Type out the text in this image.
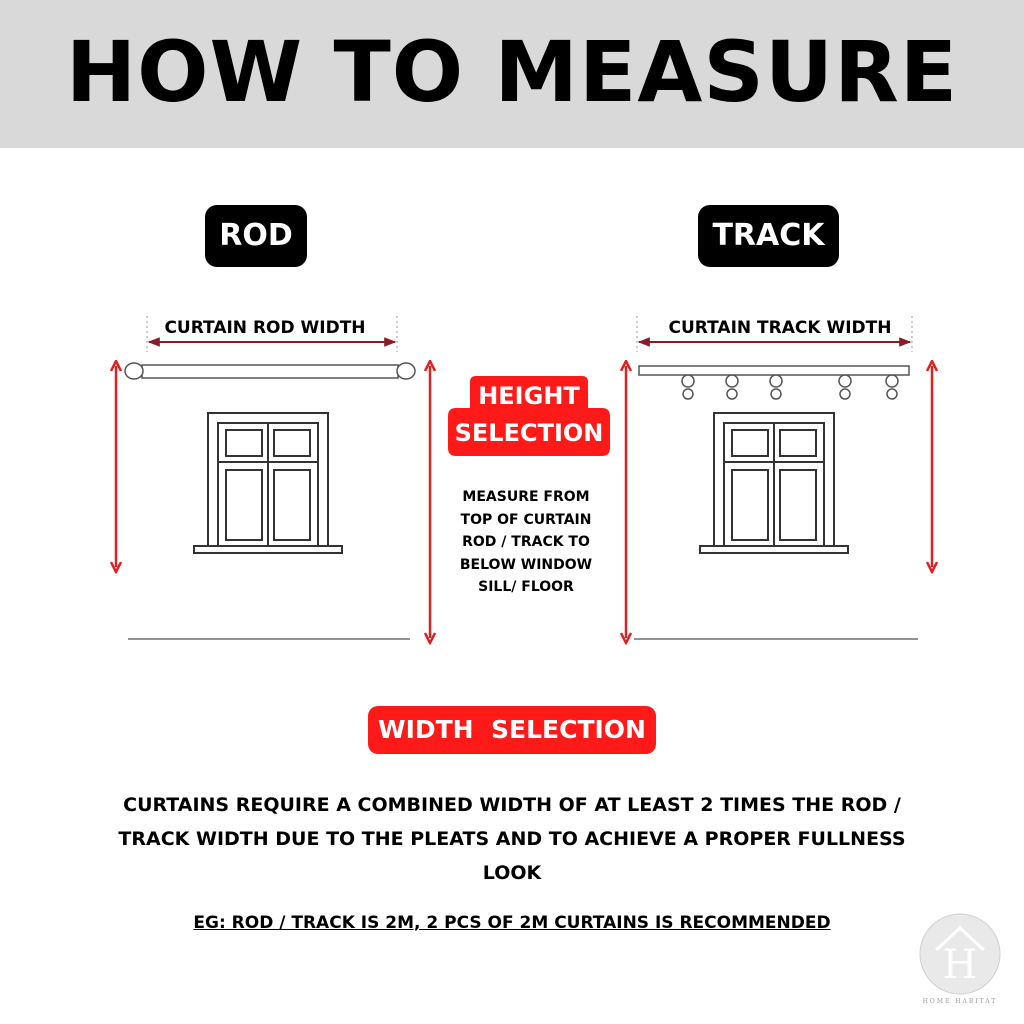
HOW TO MEASURE
ROD	TRACK
CURTAIN ROD WIDTH	CURTAIN TRACK WIDTH
HEIGHT
SELECTION
MEASURE FROM TOP OF CURTAIN ROD / TRACK TO BELOW WINDOW SILL/ FLOOR
WIDTH  SELECTION
CURTAINS REQUIRE A COMBINED WIDTH OF AT LEAST 2 TIMES THE ROD / TRACK WIDTH DUE TO THE PLEATS AND TO ACHIEVE A PROPER FULLNESS LOOK
EG: ROD / TRACK IS 2M, 2 PCS OF 2M CURTAINS IS RECOMMENDED
H
HOME HABITAT
